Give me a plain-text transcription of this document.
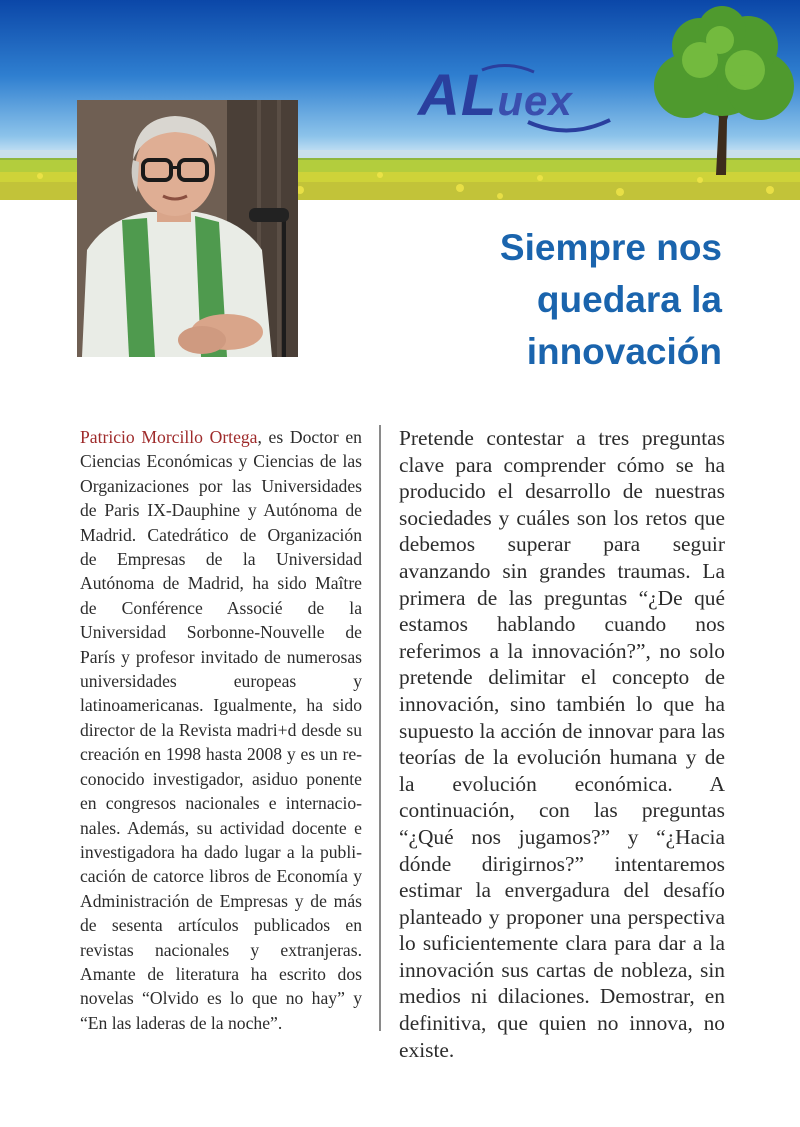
ALuex
Siempre nos
quedara la
innovación
Patricio Morcillo Ortega, es Doctor en Ciencias Económicas y Ciencias de las Organizaciones por las Universidades de Paris IX-Dauphine y Autónoma de Madrid. Catedrático de Organización de Empresas de la Universidad Autónoma de Madrid, ha sido Maître de Conférence Associé de la Universidad Sorbonne-Nouvelle de París y profesor invitado de numerosas universidades europeas y latinoamericanas. Igualmente, ha sido director de la Revista madri+d desde su creación en 1998 hasta 2008 y es un reconocido investigador, asiduo ponente en congresos nacionales e internacionales. Además, su actividad docente e investigadora ha dado lugar a la publicación de catorce libros de Economía y Administración de Empresas y de más de sesenta artículos publicados en revistas nacionales y extranjeras. Amante de literatura ha escrito dos novelas “Olvido es lo que no hay” y “En las laderas de la noche”.
Pretende contestar a tres preguntas clave para comprender cómo se ha producido el desarrollo de nuestras sociedades y cuáles son los retos que debemos superar para seguir avanzando sin grandes traumas. La primera de las preguntas “¿De qué estamos hablando cuando nos referimos a la innovación?”, no solo pretende delimitar el concepto de innovación, sino también lo que ha supuesto la acción de innovar para las teorías de la evolución humana y de la evolución económica. A continuación, con las preguntas “¿Qué nos jugamos?” y “¿Hacia dónde dirigirnos?” intentaremos estimar la envergadura del desafío planteado y proponer una perspectiva lo suficientemente clara para dar a la innovación sus cartas de nobleza, sin medios ni dilaciones. Demostrar, en definitiva, que quien no innova, no existe.
